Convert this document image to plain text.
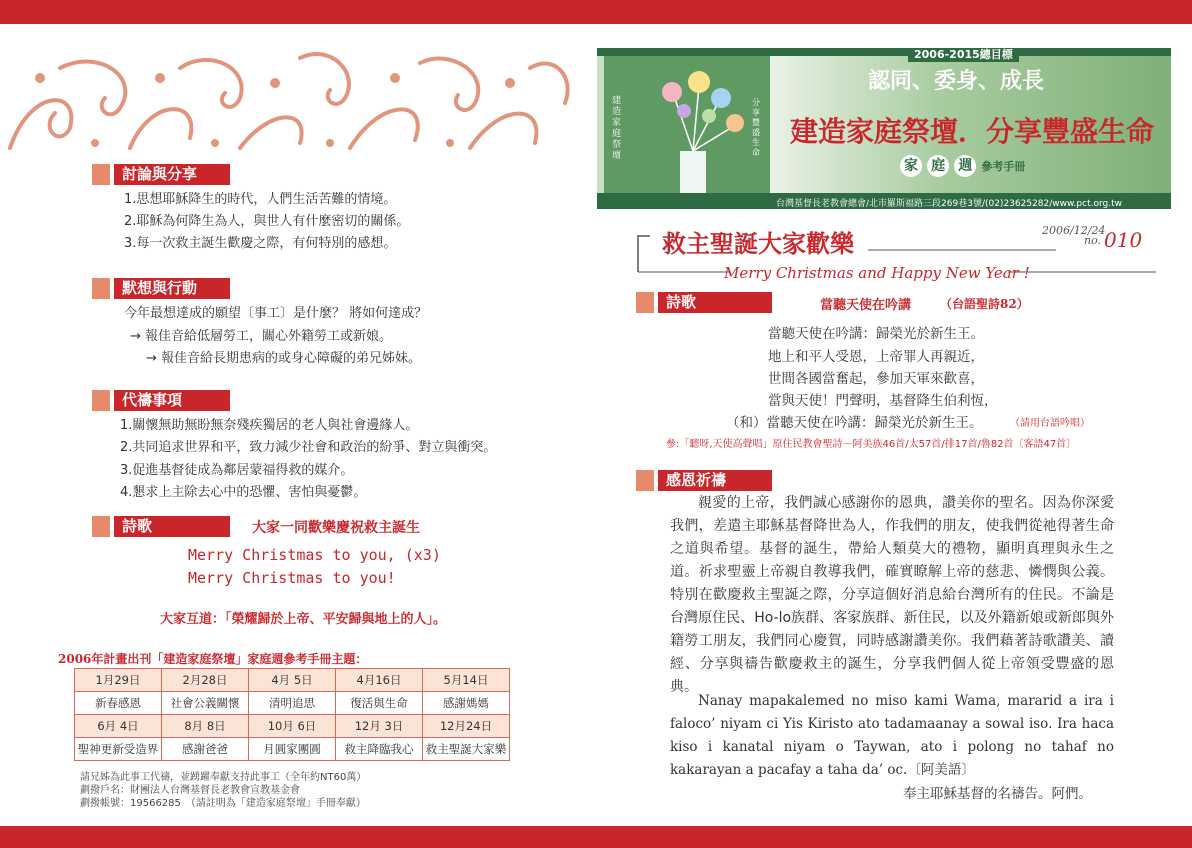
討論與分享
1.思想耶穌降生的時代，人們生活苦難的情境。
2.耶穌為何降生為人，與世人有什麼密切的關係。
3.每一次救主誕生歡慶之際，有何特別的感想。
默想與行動
今年最想達成的願望〔事工〕是什麼？ 將如何達成？
→ 報佳音給低層勞工，關心外籍勞工或新娘。
→ 報佳音給長期患病的或身心障礙的弟兄姊妹。
代禱事項
1.關懷無助無盼無奈殘疾獨居的老人與社會邊緣人。
2.共同追求世界和平，致力減少社會和政治的紛爭、對立與衝突。
3.促進基督徒成為鄰居蒙福得救的媒介。
4.懇求上主除去心中的恐懼、害怕與憂鬱。
詩歌	大家一同歡樂慶祝救主誕生
Merry Christmas to you, (x3)
Merry Christmas to you!
大家互道：「榮耀歸於上帝、平安歸與地上的人」。
2006年計畫出刊「建造家庭祭壇」家庭週參考手冊主題：
1月29日	2月28日	4月 5日	4月16日	5月14日
新春感恩	社會公義關懷	清明追思	復活與生命	感謝媽媽
6月 4日	8月 8日	10月 6日	12月 3日	12月24日
聖神更新受造界	感謝爸爸	月圓家團圓	救主降臨我心	救主聖誕大家樂
請兄姊為此事工代禱，並踴躍奉獻支持此事工（全年約NT60萬）
劃撥戶名：財團法人台灣基督長老教會宣教基金會
劃撥帳號：19566285　（請註明為「建造家庭祭壇」手冊奉獻）
建造家庭祭壇
分享豐盛生命
2006-2015總目標
認同、委身、成長
建造家庭祭壇．分享豐盛生命
家 庭 週 參考手冊
台灣基督長老教會總會/北市羅斯福路三段269巷3號/(02)23625282/www.pct.org.tw
救主聖誕大家歡樂	2006/12/24
no. 010
Merry Christmas and Happy New Year !
詩歌	當聽天使在吟講 （台語聖詩82）
當聽天使在吟講：歸榮光於新生王。
地上和平人受恩，上帝罪人再親近，
世間各國當奮起，參加天軍來歡喜，
當與天使！門聲明，基督降生伯利恆，
（和）當聽天使在吟講：歸榮光於新生王。	（請用台語吟唱）
參:「聽呀,天使高聲唱」原住民教會聖詩－阿美族46首/太57首/排17首/魯82首〔客語47首〕
感恩祈禱
親愛的上帝，我們誠心感謝你的恩典，讚美你的聖名。因為你深愛我們，差遣主耶穌基督降世為人，作我們的朋友，使我們從祂得著生命之道與希望。基督的誕生，帶給人類莫大的禮物，顯明真理與永生之道。祈求聖靈上帝親自教導我們，確實瞭解上帝的慈悲、憐憫與公義。特別在歡慶救主聖誕之際，分享這個好消息給台灣所有的住民。不論是台灣原住民、Ho-lo族群、客家族群、新住民，以及外籍新娘或新郎與外籍勞工朋友，我們同心慶賀，同時感謝讚美你。我們藉著詩歌讚美、讀經、分享與禱告歡慶救主的誕生，分享我們個人從上帝領受豐盛的恩典。
Nanay mapakalemed no miso kami Wama, mararid a ira i faloco’ niyam ci Yis Kiristo ato tadamaanay a sowal iso. Ira haca kiso i kanatal niyam o Taywan, ato i polong no tahaf no kakarayan a pacafay a taha da’ oc.〔阿美語〕
奉主耶穌基督的名禱告。阿們。
